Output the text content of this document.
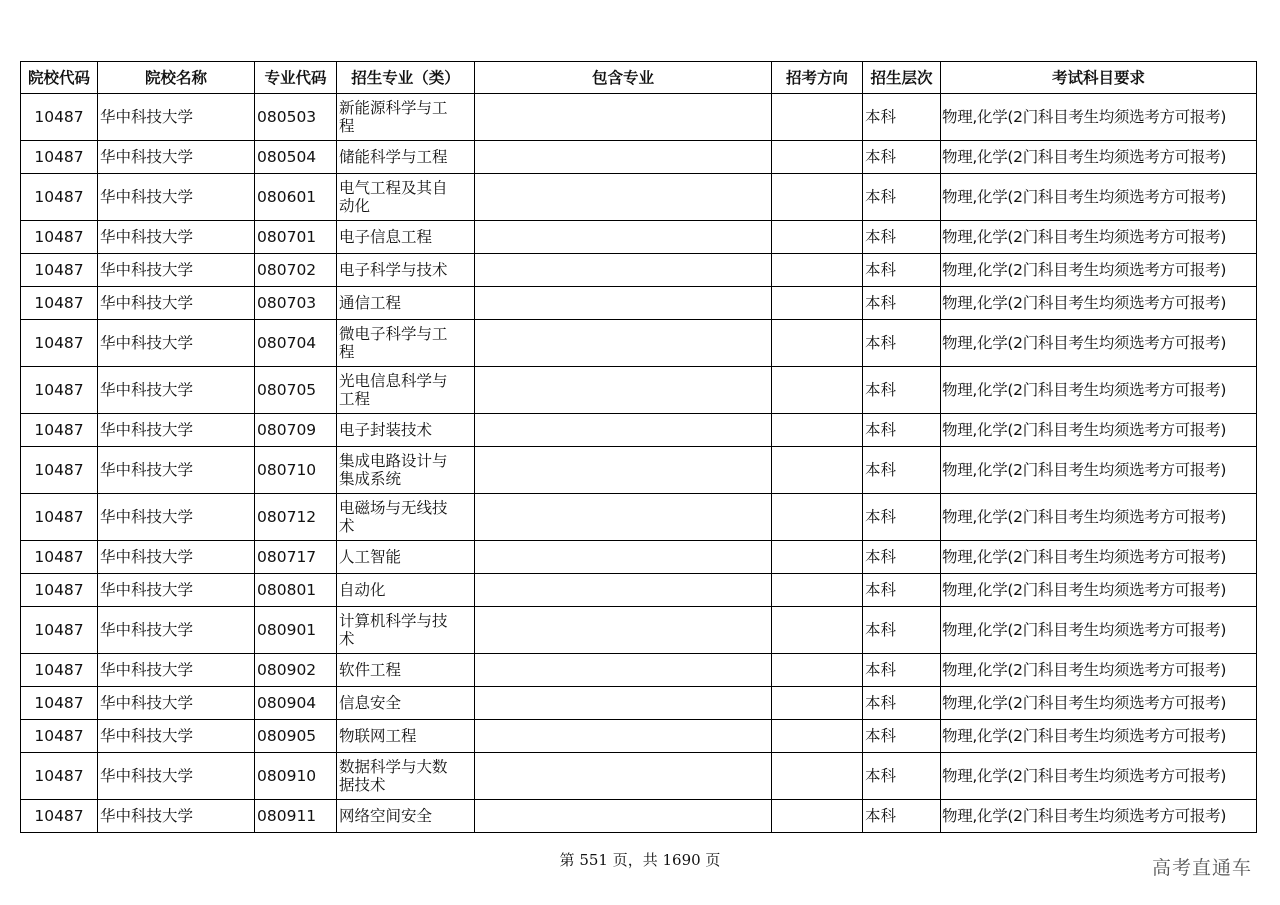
院校代码	院校名称	专业代码	招生专业（类）	包含专业	招考方向	招生层次	考试科目要求
10487	华中科技大学	080503	新能源科学与工程			本科	物理,化学(2门科目考生均须选考方可报考)
10487	华中科技大学	080504	储能科学与工程			本科	物理,化学(2门科目考生均须选考方可报考)
10487	华中科技大学	080601	电气工程及其自动化			本科	物理,化学(2门科目考生均须选考方可报考)
10487	华中科技大学	080701	电子信息工程			本科	物理,化学(2门科目考生均须选考方可报考)
10487	华中科技大学	080702	电子科学与技术			本科	物理,化学(2门科目考生均须选考方可报考)
10487	华中科技大学	080703	通信工程			本科	物理,化学(2门科目考生均须选考方可报考)
10487	华中科技大学	080704	微电子科学与工程			本科	物理,化学(2门科目考生均须选考方可报考)
10487	华中科技大学	080705	光电信息科学与工程			本科	物理,化学(2门科目考生均须选考方可报考)
10487	华中科技大学	080709	电子封装技术			本科	物理,化学(2门科目考生均须选考方可报考)
10487	华中科技大学	080710	集成电路设计与集成系统			本科	物理,化学(2门科目考生均须选考方可报考)
10487	华中科技大学	080712	电磁场与无线技术			本科	物理,化学(2门科目考生均须选考方可报考)
10487	华中科技大学	080717	人工智能			本科	物理,化学(2门科目考生均须选考方可报考)
10487	华中科技大学	080801	自动化			本科	物理,化学(2门科目考生均须选考方可报考)
10487	华中科技大学	080901	计算机科学与技术			本科	物理,化学(2门科目考生均须选考方可报考)
10487	华中科技大学	080902	软件工程			本科	物理,化学(2门科目考生均须选考方可报考)
10487	华中科技大学	080904	信息安全			本科	物理,化学(2门科目考生均须选考方可报考)
10487	华中科技大学	080905	物联网工程			本科	物理,化学(2门科目考生均须选考方可报考)
10487	华中科技大学	080910	数据科学与大数据技术			本科	物理,化学(2门科目考生均须选考方可报考)
10487	华中科技大学	080911	网络空间安全			本科	物理,化学(2门科目考生均须选考方可报考)
第 551 页，共 1690 页	高考直通车
